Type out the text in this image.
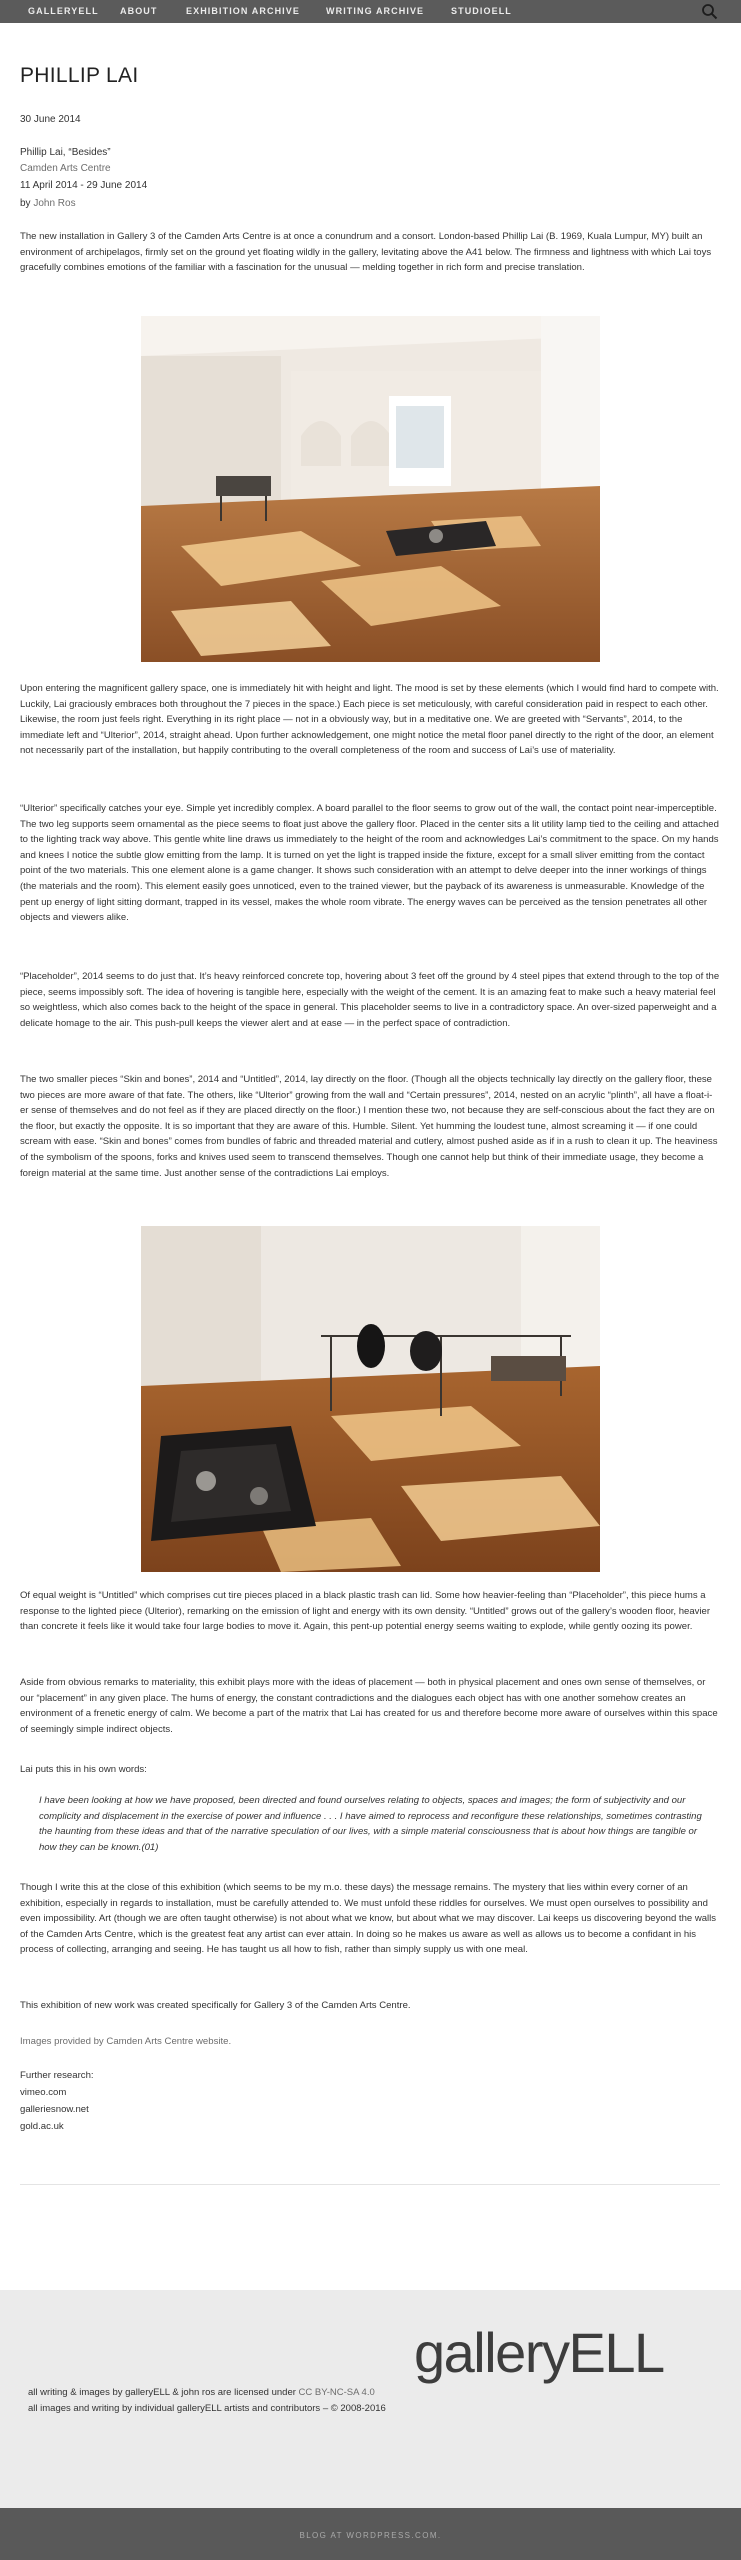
GALLERYELL ABOUT	EXHIBITION ARCHIVE	WRITING ARCHIVE	STUDIOELL
PHILLIP LAI
30 June 2014
Phillip Lai, “Besides”
Camden Arts Centre
11 April 2014 - 29 June 2014
by John Ros

The new installation in Gallery 3 of the Camden Arts Centre is at once a conundrum and a consort. London-based Phillip Lai (B. 1969, Kuala Lumpur, MY) built an environment of archipelagos, firmly set on the ground yet floating wildly in the gallery, levitating above the A41 below. The firmness and lightness with which Lai toys gracefully combines emotions of the familiar with a fascination for the unusual — melding together in rich form and precise translation.

Upon entering the magnificent gallery space, one is immediately hit with height and light. The mood is set by these elements (which I would find hard to compete with. Luckily, Lai graciously embraces both throughout the 7 pieces in the space.) Each piece is set meticulously, with careful consideration paid in respect to each other. Likewise, the room just feels right. Everything in its right place — not in a obviously way, but in a meditative one. We are greeted with “Servants”, 2014, to the immediate left and “Ulterior”, 2014, straight ahead. Upon further acknowledgement, one might notice the metal floor panel directly to the right of the door, an element not necessarily part of the installation, but happily contributing to the overall completeness of the room and success of Lai’s use of materiality.

“Ulterior” specifically catches your eye. Simple yet incredibly complex. A board parallel to the floor seems to grow out of the wall, the contact point near-imperceptible. The two leg supports seem ornamental as the piece seems to float just above the gallery floor. Placed in the center sits a lit utility lamp tied to the ceiling and attached to the lighting track way above. This gentle white line draws us immediately to the height of the room and acknowledges Lai’s commitment to the space. On my hands and knees I notice the subtle glow emitting from the lamp. It is turned on yet the light is trapped inside the fixture, except for a small sliver emitting from the contact point of the two materials. This one element alone is a game changer. It shows such consideration with an attempt to delve deeper into the inner workings of things (the materials and the room). This element easily goes unnoticed, even to the trained viewer, but the payback of its awareness is unmeasurable. Knowledge of the pent up energy of light sitting dormant, trapped in its vessel, makes the whole room vibrate. The energy waves can be perceived as the tension penetrates all other objects and viewers alike.

“Placeholder”, 2014 seems to do just that. It’s heavy reinforced concrete top, hovering about 3 feet off the ground by 4 steel pipes that extend through to the top of the piece, seems impossibly soft. The idea of hovering is tangible here, especially with the weight of the cement. It is an amazing feat to make such a heavy material feel so weightless, which also comes back to the height of the space in general. This placeholder seems to live in a contradictory space. An over-sized paperweight and a delicate homage to the air. This push-pull keeps the viewer alert and at ease — in the perfect space of contradiction.

The two smaller pieces “Skin and bones”, 2014 and “Untitled”, 2014, lay directly on the floor. (Though all the objects technically lay directly on the gallery floor, these two pieces are more aware of that fate. The others, like “Ulterior” growing from the wall and “Certain pressures”, 2014, nested on an acrylic “plinth”, all have a float-i-er sense of themselves and do not feel as if they are placed directly on the floor.) I mention these two, not because they are self-conscious about the fact they are on the floor, but exactly the opposite. It is so important that they are aware of this. Humble. Silent. Yet humming the loudest tune, almost screaming it — if one could scream with ease. “Skin and bones” comes from bundles of fabric and threaded material and cutlery, almost pushed aside as if in a rush to clean it up. The heaviness of the symbolism of the spoons, forks and knives used seem to transcend themselves. Though one cannot help but think of their immediate usage, they become a foreign material at the same time. Just another sense of the contradictions Lai employs.

Of equal weight is “Untitled” which comprises cut tire pieces placed in a black plastic trash can lid. Some how heavier-feeling than “Placeholder”, this piece hums a response to the lighted piece (Ulterior), remarking on the emission of light and energy with its own density. “Untitled” grows out of the gallery’s wooden floor, heavier than concrete it feels like it would take four large bodies to move it. Again, this pent-up potential energy seems waiting to explode, while gently oozing its power.

Aside from obvious remarks to materiality, this exhibit plays more with the ideas of placement — both in physical placement and ones own sense of themselves, or our “placement” in any given place. The hums of energy, the constant contradictions and the dialogues each object has with one another somehow creates an environment of a frenetic energy of calm. We become a part of the matrix that Lai has created for us and therefore become more aware of ourselves within this space of seemingly simple indirect objects.

Lai puts this in his own words:

I have been looking at how we have proposed, been directed and found ourselves relating to objects, spaces and images; the form of subjectivity and our complicity and displacement in the exercise of power and influence . . . I have aimed to reprocess and reconfigure these relationships, sometimes contrasting the haunting from these ideas and that of the narrative speculation of our lives, with a simple material consciousness that is about how things are tangible or how they can be known.(01)

Though I write this at the close of this exhibition (which seems to be my m.o. these days) the message remains. The mystery that lies within every corner of an exhibition, especially in regards to installation, must be carefully attended to. We must unfold these riddles for ourselves. We must open ourselves to possibility and even impossibility. Art (though we are often taught otherwise) is not about what we know, but about what we may discover. Lai keeps us discovering beyond the walls of the Camden Arts Centre, which is the greatest feat any artist can ever attain. In doing so he makes us aware as well as allows us to become a confidant in his process of collecting, arranging and seeing. He has taught us all how to fish, rather than simply supply us with one meal.

This exhibition of new work was created specifically for Gallery 3 of the Camden Arts Centre.

Images provided by Camden Arts Centre website.
Further research:
vimeo.com
galleriesnow.net
gold.ac.uk
galleryELL
all writing & images by galleryELL & john ros are licensed under CC BY-NC-SA 4.0
all images and writing by individual galleryELL artists and contributors – © 2008-2016
BLOG AT WORDPRESS.COM.
